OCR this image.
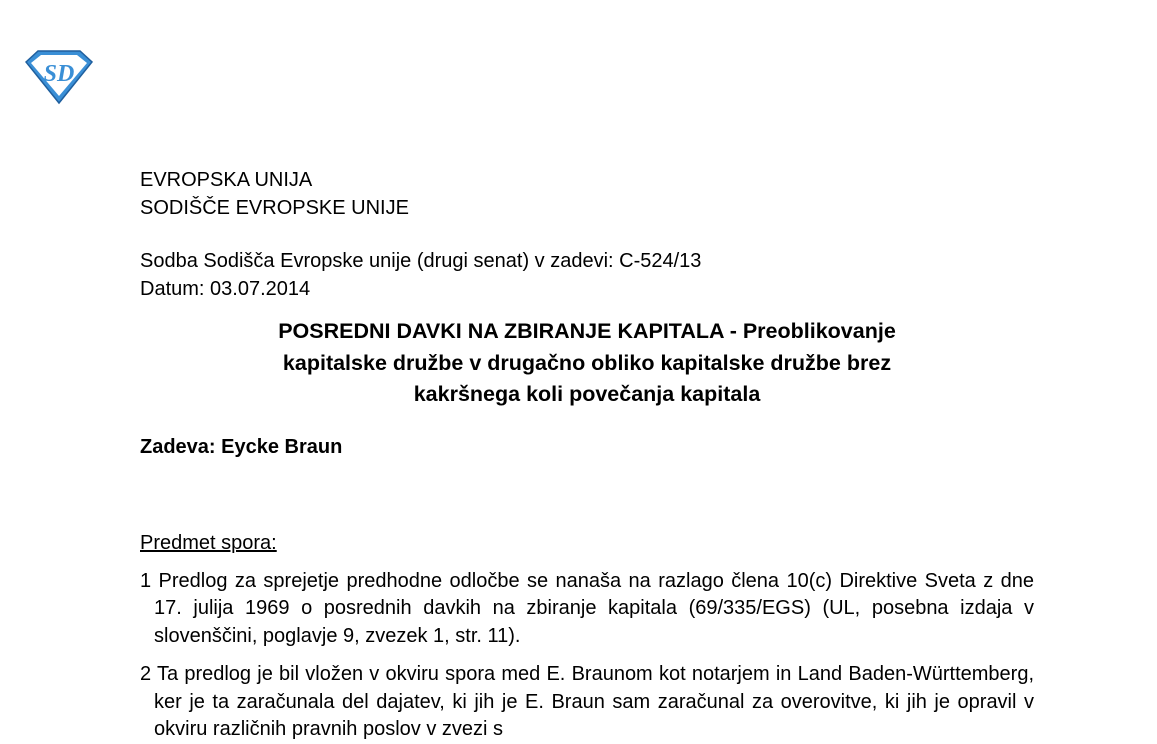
SD

EVROPSKA UNIJA

SODIŠČE EVROPSKE UNIJE

Sodba Sodišča Evropske unije (drugi senat) v zadevi: C-524/13

Datum: 03.07.2014

POSREDNI DAVKI NA ZBIRANJE KAPITALA - Preoblikovanje

kapitalske družbe v drugačno obliko kapitalske družbe brez

kakršnega koli povečanja kapitala

Zadeva: Eycke Braun
Predmet spora:

1 Predlog za sprejetje predhodne odločbe se nanaša na razlago člena 10(c) Direktive Sveta z dne 17. julija 1969 o posrednih davkih na zbiranje kapitala (69/335/EGS) (UL, posebna izdaja v slovenščini, poglavje 9, zvezek 1, str. 11).

2 Ta predlog je bil vložen v okviru spora med E. Braunom kot notarjem in Land Baden-Württemberg, ker je ta zaračunala del dajatev, ki jih je E. Braun sam zaračunal za overovitve, ki jih je opravil v okviru različnih pravnih poslov v zvezi s
